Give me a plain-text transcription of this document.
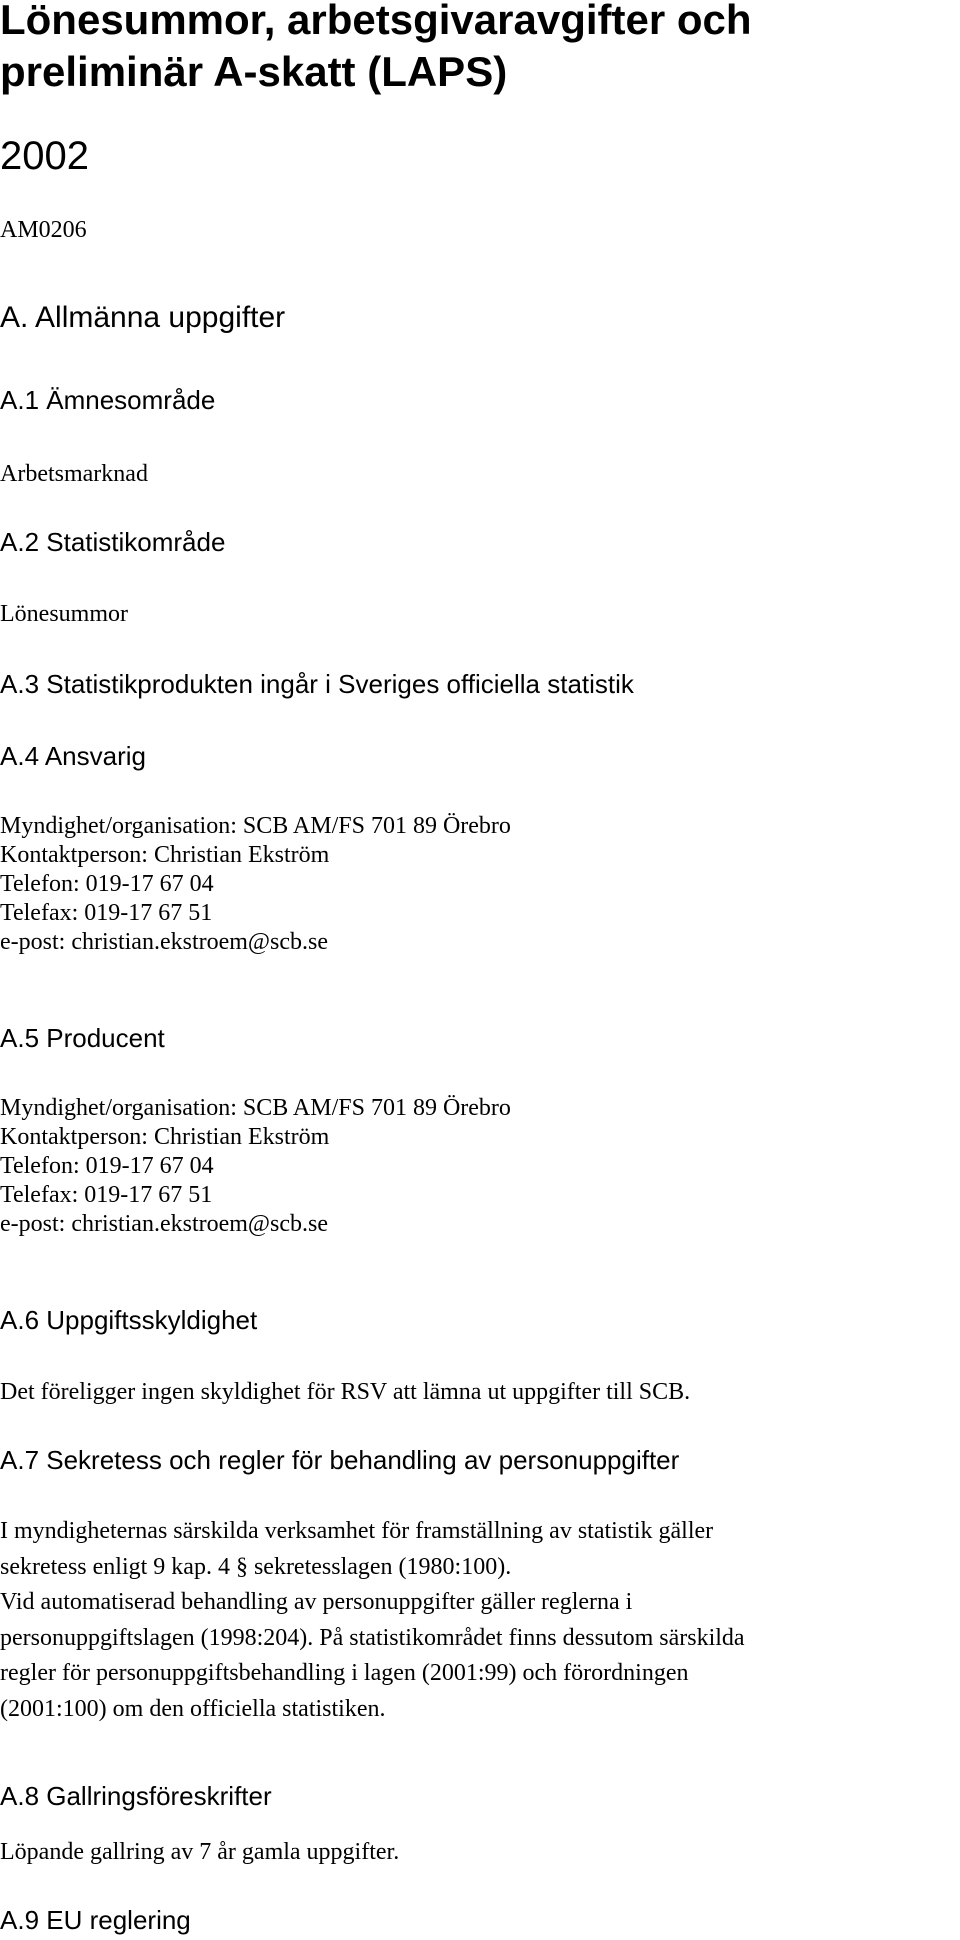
Lönesummor, arbetsgivaravgifter och
preliminär A-skatt (LAPS)
2002
AM0206
A. Allmänna uppgifter
A.1 Ämnesområde
Arbetsmarknad
A.2 Statistikområde
Lönesummor
A.3 Statistikprodukten ingår i Sveriges officiella statistik
A.4 Ansvarig
Myndighet/organisation: SCB AM/FS 701 89 Örebro
Kontaktperson: Christian Ekström
Telefon: 019-17 67 04
Telefax: 019-17 67 51
e-post: christian.ekstroem@scb.se
A.5 Producent
Myndighet/organisation: SCB AM/FS 701 89 Örebro
Kontaktperson: Christian Ekström
Telefon: 019-17 67 04
Telefax: 019-17 67 51
e-post: christian.ekstroem@scb.se
A.6 Uppgiftsskyldighet
Det föreligger ingen skyldighet för RSV att lämna ut uppgifter till SCB.
A.7 Sekretess och regler för behandling av personuppgifter
I myndigheternas särskilda verksamhet för framställning av statistik gäller
sekretess enligt 9 kap. 4 § sekretesslagen (1980:100).
Vid automatiserad behandling av personuppgifter gäller reglerna i
personuppgiftslagen (1998:204). På statistikområdet finns dessutom särskilda
regler för personuppgiftsbehandling i lagen (2001:99) och förordningen
(2001:100) om den officiella statistiken.
A.8 Gallringsföreskrifter
Löpande gallring av 7 år gamla uppgifter.
A.9 EU reglering
